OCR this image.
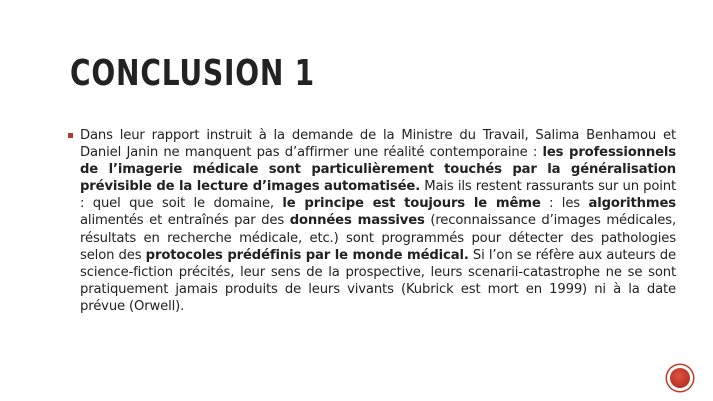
CONCLUSION 1

Dans leur rapport instruit à la demande de la Ministre du Travail, Salima Benhamou et Daniel Janin ne manquent pas d’affirmer une réalité contemporaine : les professionnels de l’imagerie médicale sont particulièrement touchés par la généralisation prévisible de la lecture d’images automatisée. Mais ils restent rassurants sur un point : quel que soit le domaine, le principe est toujours le même : les algorithmes alimentés et entraînés par des données massives (reconnaissance d’images médicales, résultats en recherche médicale, etc.) sont programmés pour détecter des pathologies selon des protocoles prédéfinis par le monde médical. Si l’on se réfère aux auteurs de science-fiction précités, leur sens de la prospective, leurs scenarii-catastrophe ne se sont pratiquement jamais produits de leurs vivants (Kubrick est mort en 1999) ni à la date prévue (Orwell).
